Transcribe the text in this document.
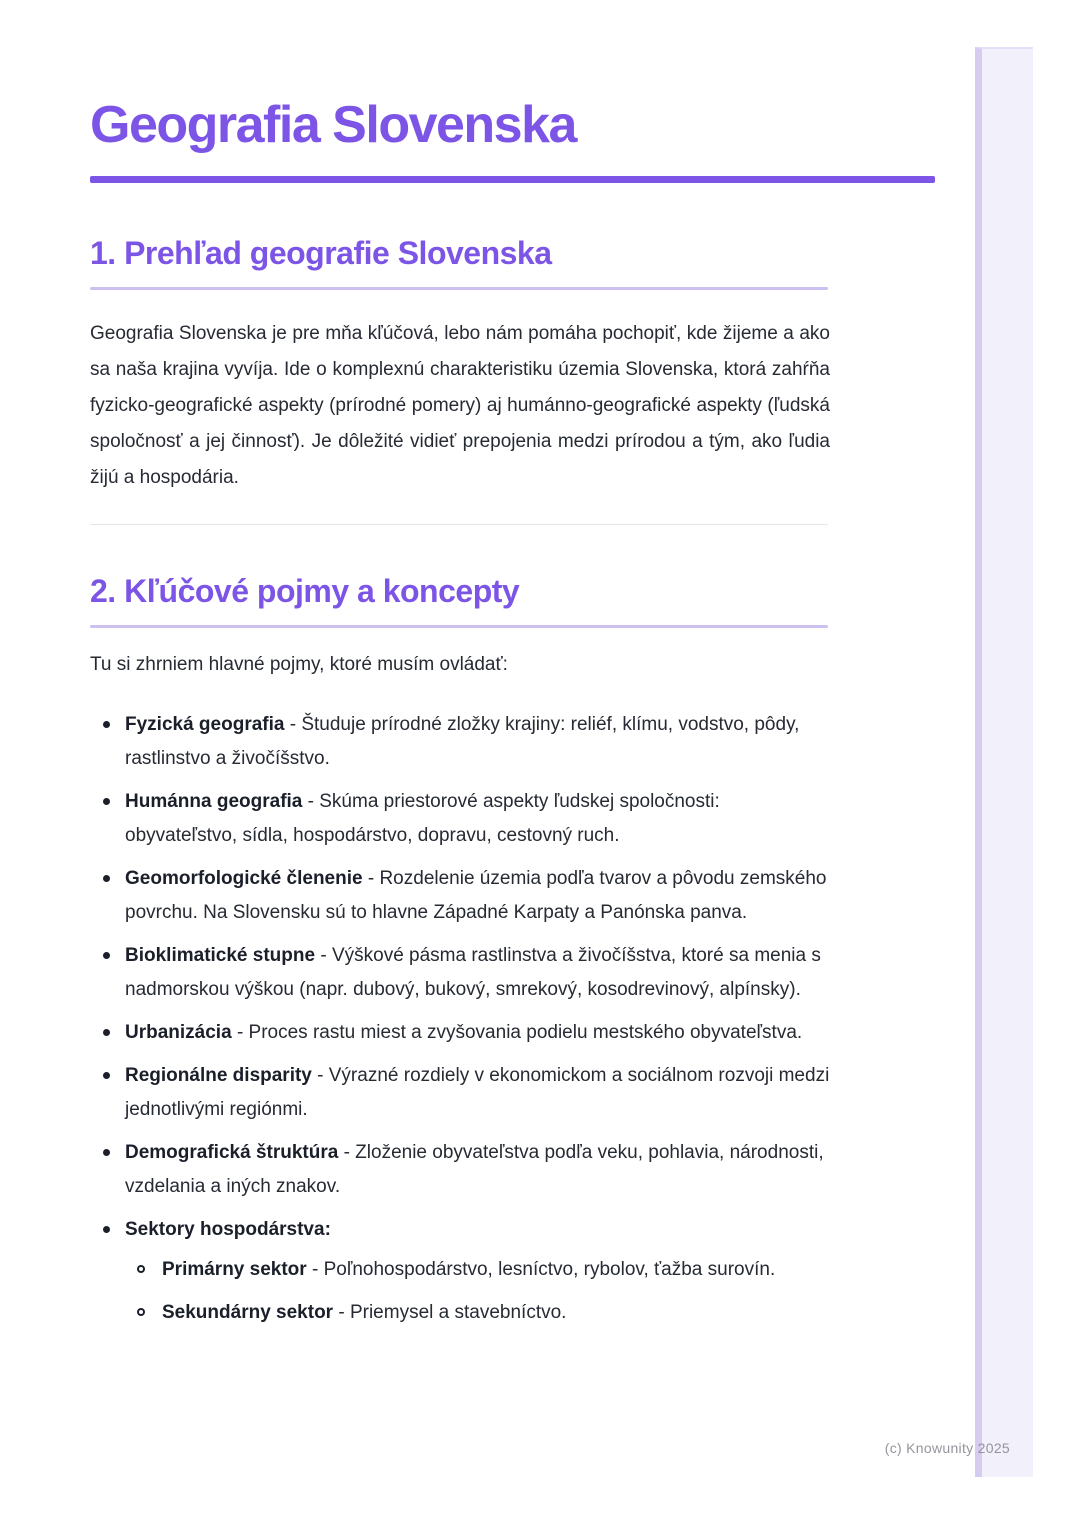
Geografia Slovenska
1. Prehľad geografie Slovenska

Geografia Slovenska je pre mňa kľúčová, lebo nám pomáha pochopiť, kde žijeme a ako sa naša krajina vyvíja. Ide o komplexnú charakteristiku územia Slovenska, ktorá zahŕňa fyzicko-geografické aspekty (prírodné pomery) aj humánno-geografické aspekty (ľudská spoločnosť a jej činnosť). Je dôležité vidieť prepojenia medzi prírodou a tým, ako ľudia žijú a hospodária.

2. Kľúčové pojmy a koncepty

Tu si zhrniem hlavné pojmy, ktoré musím ovládať:

Fyzická geografia - Študuje prírodné zložky krajiny: reliéf, klímu, vodstvo, pôdy, rastlinstvo a živočíšstvo.
Humánna geografia - Skúma priestorové aspekty ľudskej spoločnosti: obyvateľstvo, sídla, hospodárstvo, dopravu, cestovný ruch.
Geomorfologické členenie - Rozdelenie územia podľa tvarov a pôvodu zemského povrchu. Na Slovensku sú to hlavne Západné Karpaty a Panónska panva.
Bioklimatické stupne - Výškové pásma rastlinstva a živočíšstva, ktoré sa menia s nadmorskou výškou (napr. dubový, bukový, smrekový, kosodrevinový, alpínsky).
Urbanizácia - Proces rastu miest a zvyšovania podielu mestského obyvateľstva.
Regionálne disparity - Výrazné rozdiely v ekonomickom a sociálnom rozvoji medzi jednotlivými regiónmi.
Demografická štruktúra - Zloženie obyvateľstva podľa veku, pohlavia, národnosti, vzdelania a iných znakov.
Sektory hospodárstva:
Primárny sektor - Poľnohospodárstvo, lesníctvo, rybolov, ťažba surovín.
Sekundárny sektor - Priemysel a stavebníctvo.
(c) Knowunity 2025
